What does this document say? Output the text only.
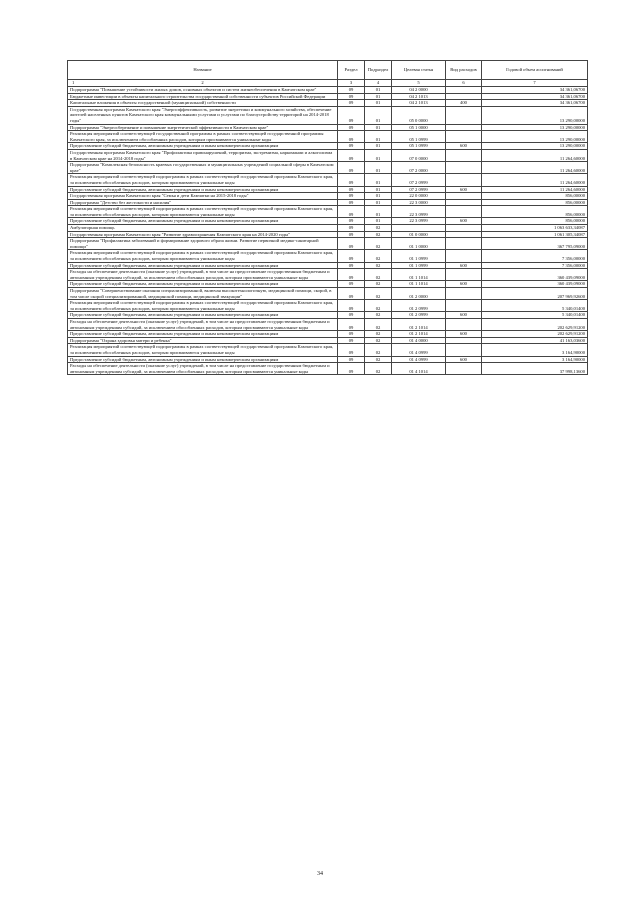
Название	Раздел	Подраздел	Целевая статья	Вид расходов	Годовой объем ассигнований

1 2	3	4	5	6	7
Подпрограмма "Повышение устойчивости жилых домов, основных объектов и систем жизнеобеспечения в Камчатском крае"	09	01	04 2 0000		34 361,06700
Бюджетные инвестиции в объекты капитального строительства государственной собственности субъектов Российской Федерации	09	01	04 2 1013		34 361,06700
Капитальные вложения в объекты государственной (муниципальной) собственности	09	01	04 2 1013	400	34 361,06700
Государственная программа Камчатского края "Энергоэффективность, развитие энергетики и коммунального хозяйства, обеспечение жителей населенных пунктов Камчатского края коммунальными услугами и услугами по благоустройству территорий на 2014-2018 годы"	09	01	05 0 0000		13 290,00000
Подпрограмма "Энергосбережение и повышение энергетической эффективности в Камчатском крае"	09	01	05 1 0000		13 290,00000
Реализация мероприятий соответствующей государственной программы в рамках соответствующей государственной программы Камчатского края, за исключением обособленных расходов, которым присваиваются уникальные коды	09	01	05 1 0999		13 290,00000
Предоставление субсидий бюджетным, автономным учреждениям и иным некоммерческим организациям	09	01	05 1 0999	600	13 290,00000
Государственная программа Камчатского края "Профилактика правонарушений, терроризма, экстремизма, наркомании и алкоголизма в Камчатском крае на 2014-2018 годы"	09	01	07 0 0000		11 264,60000
Подпрограмма "Комплексная безопасность краевых государственных и муниципальных учреждений социальной сферы в Камчатском крае"	09	01	07 2 0000		11 264,60000
Реализация мероприятий соответствующей подпрограммы в рамках соответствующей государственной программы Камчатского края, за исключением обособленных расходов, которым присваиваются уникальные коды	09	01	07 2 0999		11 264,60000
Предоставление субсидий бюджетным, автономным учреждениям и иным некоммерческим организациям	09	01	07 2 0999	600	11 264,60000
Государственная программа Камчатского края "Семья и дети Камчатки на 2015-2018 годы"	09	01	22 0 0000		856,00000
Подпрограмма "Детство без жестокости и насилия"	09	01	22 3 0000		856,00000
Реализация мероприятий соответствующей подпрограммы в рамках соответствующей государственной программы Камчатского края, за исключением обособленных расходов, которым присваиваются уникальные коды	09	01	22 3 0999		856,00000
Предоставление субсидий бюджетным, автономным учреждениям и иным некоммерческим организациям	09	01	22 3 0999	600	856,00000
Амбулаторная помощь	09	02			1 063 633,34087
Государственная программа Камчатского края "Развитие здравоохранения Камчатского края на 2014-2020 годы"	09	02	01 0 0000		1 061 305,34087
Подпрограмма "Профилактика заболеваний и формирование здорового образа жизни. Развитие первичной медико-санитарной помощи"	09	02	01 1 0000		367 795,09000
Реализация мероприятий соответствующей подпрограммы в рамках соответствующей государственной программы Камчатского края, за исключением обособленных расходов, которым присваиваются уникальные коды	09	02	01 1 0999		7 356,00000
Предоставление субсидий бюджетным, автономным учреждениям и иным некоммерческим организациям	09	02	01 1 0999	600	7 356,00000
Расходы на обеспечение деятельности (оказание услуг) учреждений, в том числе на предоставление государственным бюджетным и автономным учреждениям субсидий, за исключением обособленных расходов, которым присваиваются уникальные коды	09	02	01 1 1014		360 439,09000
Предоставление субсидий бюджетным, автономным учреждениям и иным некоммерческим организациям	09	02	01 1 1014	600	360 439,09000
Подпрограмма "Совершенствование оказания специализированной, включая высокотехнологичную, медицинской помощи, скорой, в том числе скорой специализированной, медицинской помощи, медицинской эвакуации"	09	02	01 2 0000		207 969,92600
Реализация мероприятий соответствующей подпрограммы в рамках соответствующей государственной программы Камчатского края, за исключением обособленных расходов, которым присваиваются уникальные коды	09	02	01 2 0999		5 340,01400
Предоставление субсидий бюджетным, автономным учреждениям и иным некоммерческим организациям	09	02	01 2 0999	600	5 340,01400
Расходы на обеспечение деятельности (оказание услуг) учреждений, в том числе на предоставление государственным бюджетным и автономным учреждениям субсидий, за исключением обособленных расходов, которым присваиваются уникальные коды	09	02	01 2 1014		202 629,91200
Предоставление субсидий бюджетным, автономным учреждениям и иным некоммерческим организациям	09	02	01 2 1014	600	202 629,91200
Подпрограмма "Охрана здоровья матери и ребенка"	09	02	01 4 0000		41 163,03600
Реализация мероприятий соответствующей подпрограммы в рамках соответствующей государственной программы Камчатского края, за исключением обособленных расходов, которым присваиваются уникальные коды	09	02	01 4 0999		3 164,90000
Предоставление субсидий бюджетным, автономным учреждениям и иным некоммерческим организациям	09	02	01 4 0999	600	3 164,90000
Расходы на обеспечение деятельности (оказание услуг) учреждений, в том числе на предоставление государственным бюджетным и автономным учреждениям субсидий, за исключением обособленных расходов, которым присваиваются уникальные коды	09	02	01 4 1014		37 998,13600
34
